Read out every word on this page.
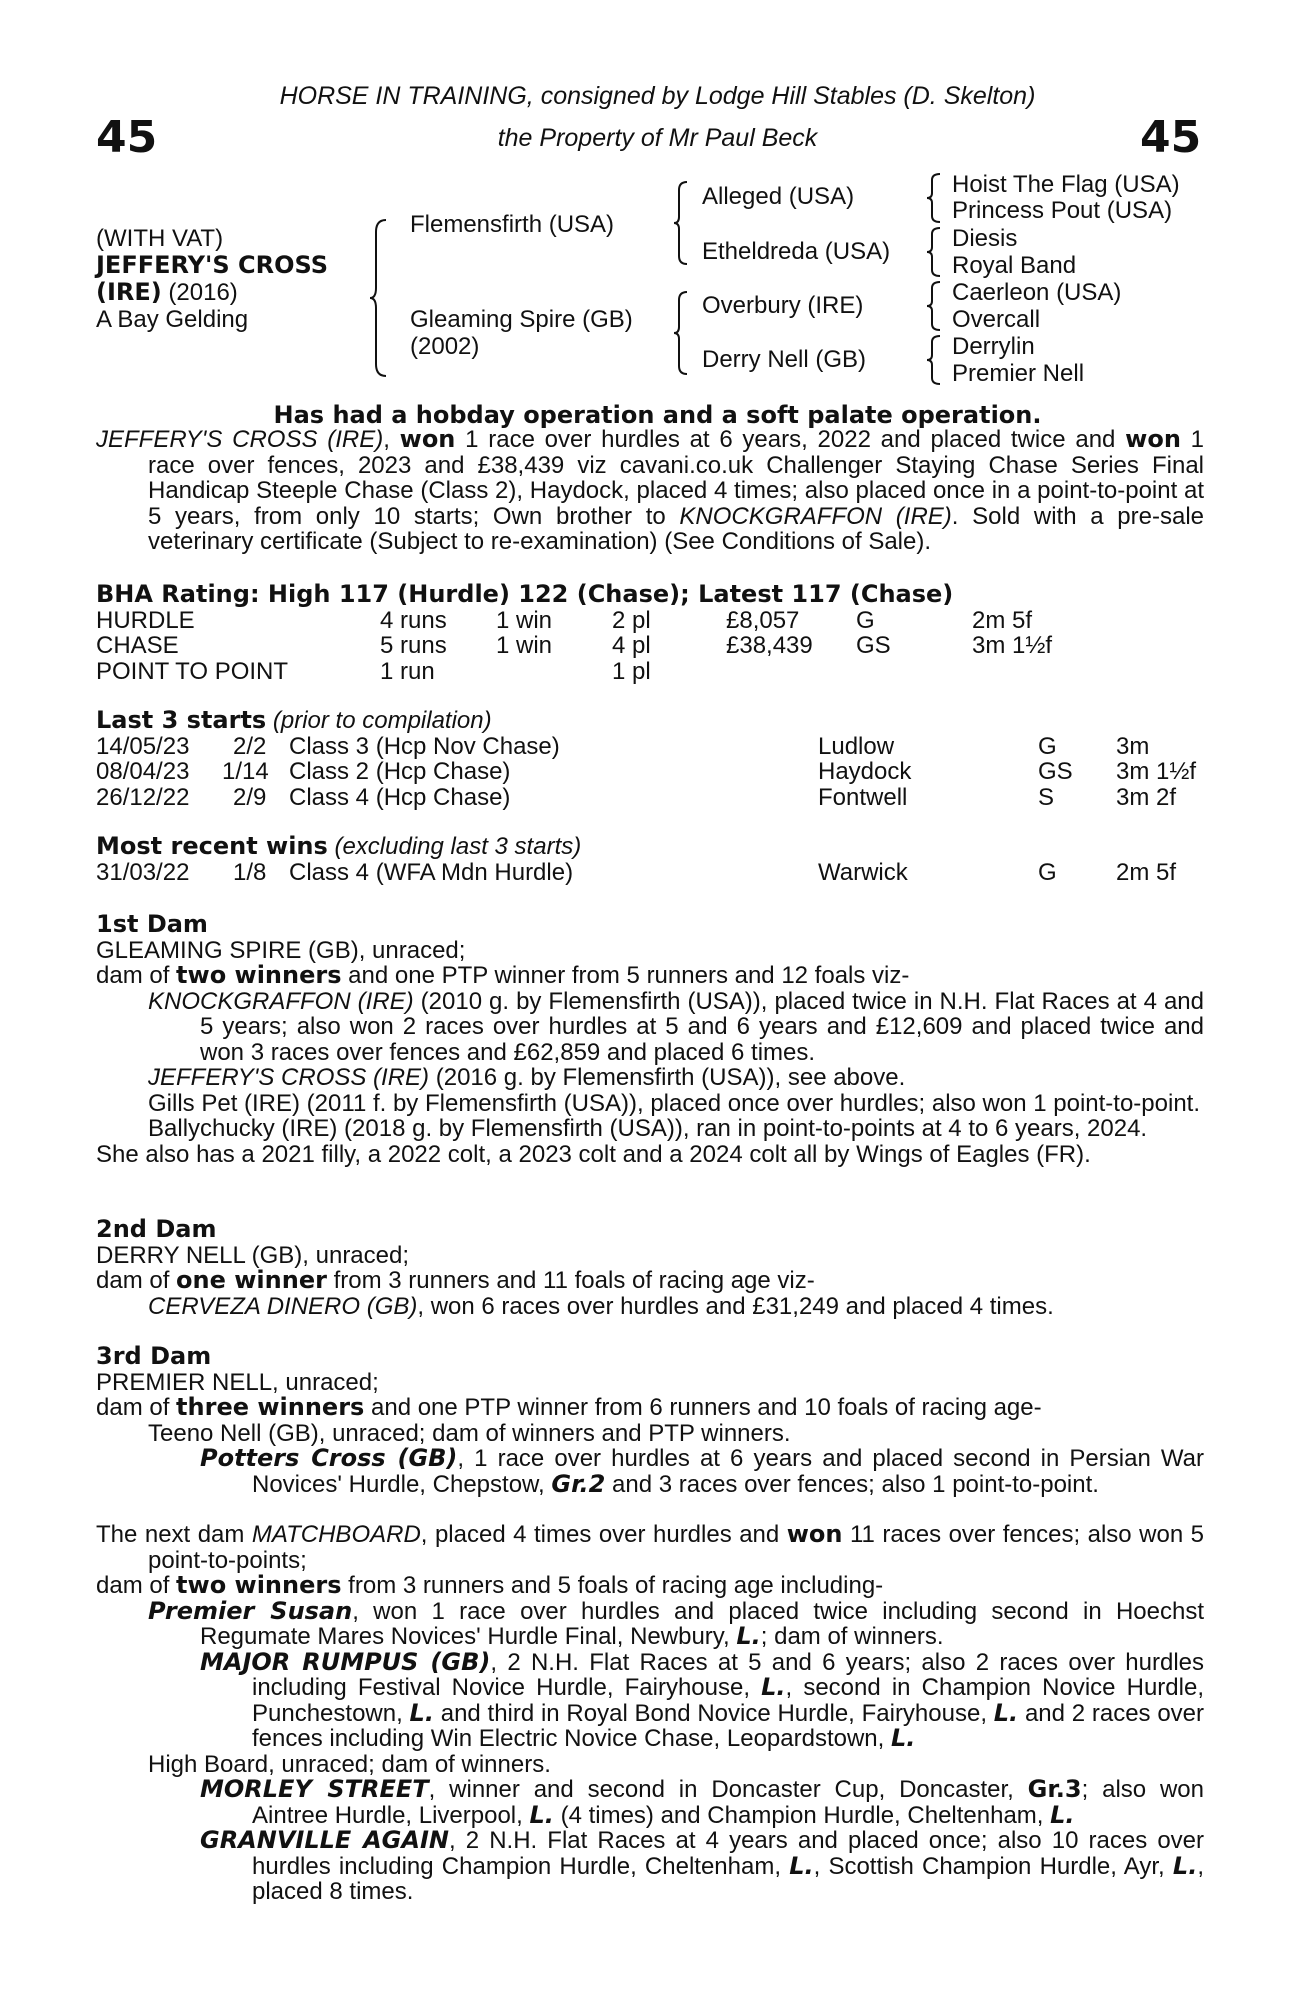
HORSE IN TRAINING, consigned by Lodge Hill Stables (D. Skelton)
the Property of Mr Paul Beck
45	45
(WITH VAT)
JEFFERY'S CROSS
(IRE) (2016)
A Bay Gelding
Flemensfirth (USA)
Gleaming Spire (GB)
(2002)
Alleged (USA)
Etheldreda (USA)
Overbury (IRE)
Derry Nell (GB)
Hoist The Flag (USA)
Princess Pout (USA)
Diesis
Royal Band
Caerleon (USA)
Overcall
Derrylin
Premier Nell
Has had a hobday operation and a soft palate operation.

JEFFERY'S CROSS (IRE), won 1 race over hurdles at 6 years, 2022 and placed twice and won 1 race over fences, 2023 and £38,439 viz cavani.co.uk Challenger Staying Chase Series Final Handicap Steeple Chase (Class 2), Haydock, placed 4 times; also placed once in a point-to-point at 5 years, from only 10 starts; Own brother to KNOCKGRAFFON (IRE). Sold with a pre-sale veterinary certificate (Subject to re-examination) (See Conditions of Sale).

BHA Rating: High 117 (Hurdle) 122 (Chase); Latest 117 (Chase)
HURDLE	4 runs 1 win 2 pl	£8,057 G	2m 5f
CHASE	5 runs 1 win 4 pl	£38,439 GS	3m 1½f
POINT TO POINT	1 run	1 pl
Last 3 starts (prior to compilation)
14/05/23 2/2 Class 3 (Hcp Nov Chase)	Ludlow	G 3m
08/04/23 1/14 Class 2 (Hcp Chase)	Haydock	GS 3m 1½f
26/12/22 2/9 Class 4 (Hcp Chase)	Fontwell	S	3m 2f
Most recent wins (excluding last 3 starts)
31/03/22 1/8 Class 4 (WFA Mdn Hurdle)	Warwick	G 2m 5f

1st Dam

GLEAMING SPIRE (GB), unraced;

dam of two winners and one PTP winner from 5 runners and 12 foals viz-

KNOCKGRAFFON (IRE) (2010 g. by Flemensfirth (USA)), placed twice in N.H. Flat Races at 4 and 5 years; also won 2 races over hurdles at 5 and 6 years and £12,609 and placed twice and won 3 races over fences and £62,859 and placed 6 times.

JEFFERY'S CROSS (IRE) (2016 g. by Flemensfirth (USA)), see above.

Gills Pet (IRE) (2011 f. by Flemensfirth (USA)), placed once over hurdles; also won 1 point-to-point.

Ballychucky (IRE) (2018 g. by Flemensfirth (USA)), ran in point-to-points at 4 to 6 years, 2024.

She also has a 2021 filly, a 2022 colt, a 2023 colt and a 2024 colt all by Wings of Eagles (FR).

2nd Dam

DERRY NELL (GB), unraced;

dam of one winner from 3 runners and 11 foals of racing age viz-

CERVEZA DINERO (GB), won 6 races over hurdles and £31,249 and placed 4 times.

3rd Dam

PREMIER NELL, unraced;

dam of three winners and one PTP winner from 6 runners and 10 foals of racing age-

Teeno Nell (GB), unraced; dam of winners and PTP winners.

Potters Cross (GB), 1 race over hurdles at 6 years and placed second in Persian War Novices' Hurdle, Chepstow, Gr.2 and 3 races over fences; also 1 point-to-point.

The next dam MATCHBOARD, placed 4 times over hurdles and won 11 races over fences; also won 5 point-to-points;

dam of two winners from 3 runners and 5 foals of racing age including-

Premier Susan, won 1 race over hurdles and placed twice including second in Hoechst Regumate Mares Novices' Hurdle Final, Newbury, L.; dam of winners.

MAJOR RUMPUS (GB), 2 N.H. Flat Races at 5 and 6 years; also 2 races over hurdles including Festival Novice Hurdle, Fairyhouse, L., second in Champion Novice Hurdle, Punchestown, L. and third in Royal Bond Novice Hurdle, Fairyhouse, L. and 2 races over fences including Win Electric Novice Chase, Leopardstown, L.

High Board, unraced; dam of winners.

MORLEY STREET, winner and second in Doncaster Cup, Doncaster, Gr.3; also won Aintree Hurdle, Liverpool, L. (4 times) and Champion Hurdle, Cheltenham, L.

GRANVILLE AGAIN, 2 N.H. Flat Races at 4 years and placed once; also 10 races over hurdles including Champion Hurdle, Cheltenham, L., Scottish Champion Hurdle, Ayr, L., placed 8 times.
